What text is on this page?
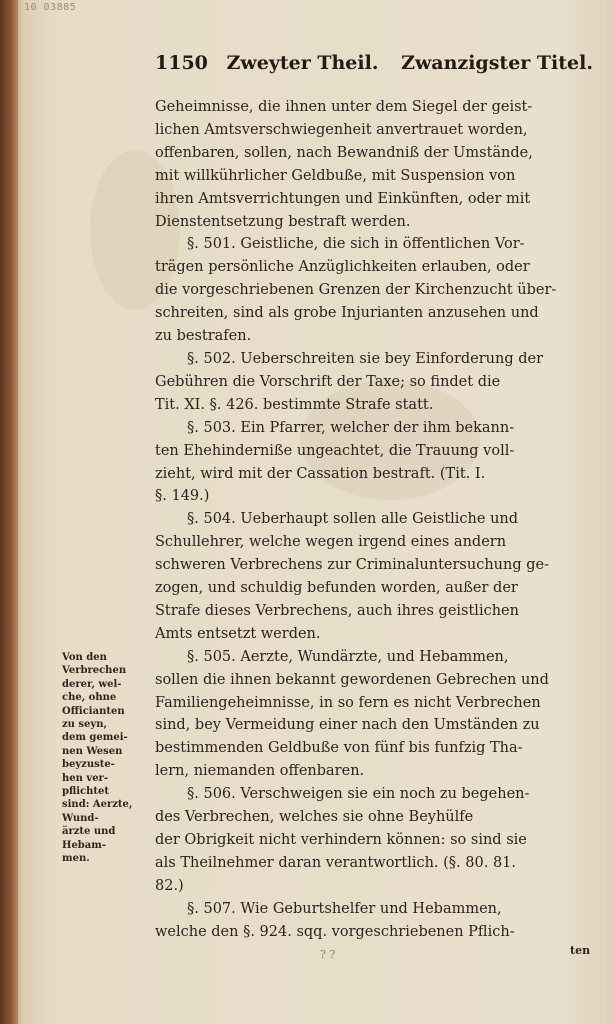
10 03885
1150 Zweyter Theil. Zwanzigster Titel.
Geheimnisse, die ihnen unter dem Siegel der geist-
lichen Amtsverschwiegenheit anvertrauet worden,
offenbaren, sollen, nach Bewandniß der Umstände,
mit willkührlicher Geldbuße, mit Suspension von
ihren Amtsverrichtungen und Einkünften, oder mit
Dienstentsetzung bestraft werden.
§. 501. Geistliche, die sich in öffentlichen Vor-
trägen persönliche Anzüglichkeiten erlauben, oder
die vorgeschriebenen Grenzen der Kirchenzucht über-
schreiten, sind als grobe Injurianten anzusehen und
zu bestrafen.
§. 502. Ueberschreiten sie bey Einforderung der
Gebühren die Vorschrift der Taxe; so findet die
Tit. XI. §. 426. bestimmte Strafe statt.
§. 503. Ein Pfarrer, welcher der ihm bekann-
ten Ehehinderniße ungeachtet, die Trauung voll-
zieht, wird mit der Cassation bestraft. (Tit. I.
§. 149.)
§. 504. Ueberhaupt sollen alle Geistliche und
Schullehrer, welche wegen irgend eines andern
schweren Verbrechens zur Criminaluntersuchung ge-
zogen, und schuldig befunden worden, außer der
Strafe dieses Verbrechens, auch ihres geistlichen
Amts entsetzt werden.
§. 505. Aerzte, Wundärzte, und Hebammen,
sollen die ihnen bekannt gewordenen Gebrechen und
Familiengeheimnisse, in so fern es nicht Verbrechen
sind, bey Vermeidung einer nach den Umständen zu
bestimmenden Geldbuße von fünf bis funfzig Tha-
lern, niemanden offenbaren.
§. 506. Verschweigen sie ein noch zu begehen-
des Verbrechen, welches sie ohne Beyhülfe
der Obrigkeit nicht verhindern können: so sind sie
als Theilnehmer daran verantwortlich. (§. 80. 81.
82.)
§. 507. Wie Geburtshelfer und Hebammen,
welche den §. 924. sqq. vorgeschriebenen Pflich-
Von den
Verbrechen
derer, wel-
che, ohne
Officianten
zu seyn,
dem gemei-
nen Wesen
beyzuste-
hen ver-
pflichtet
sind: Aerzte,
Wund-
ärzte und
Hebam-
men.
? ?	ten
